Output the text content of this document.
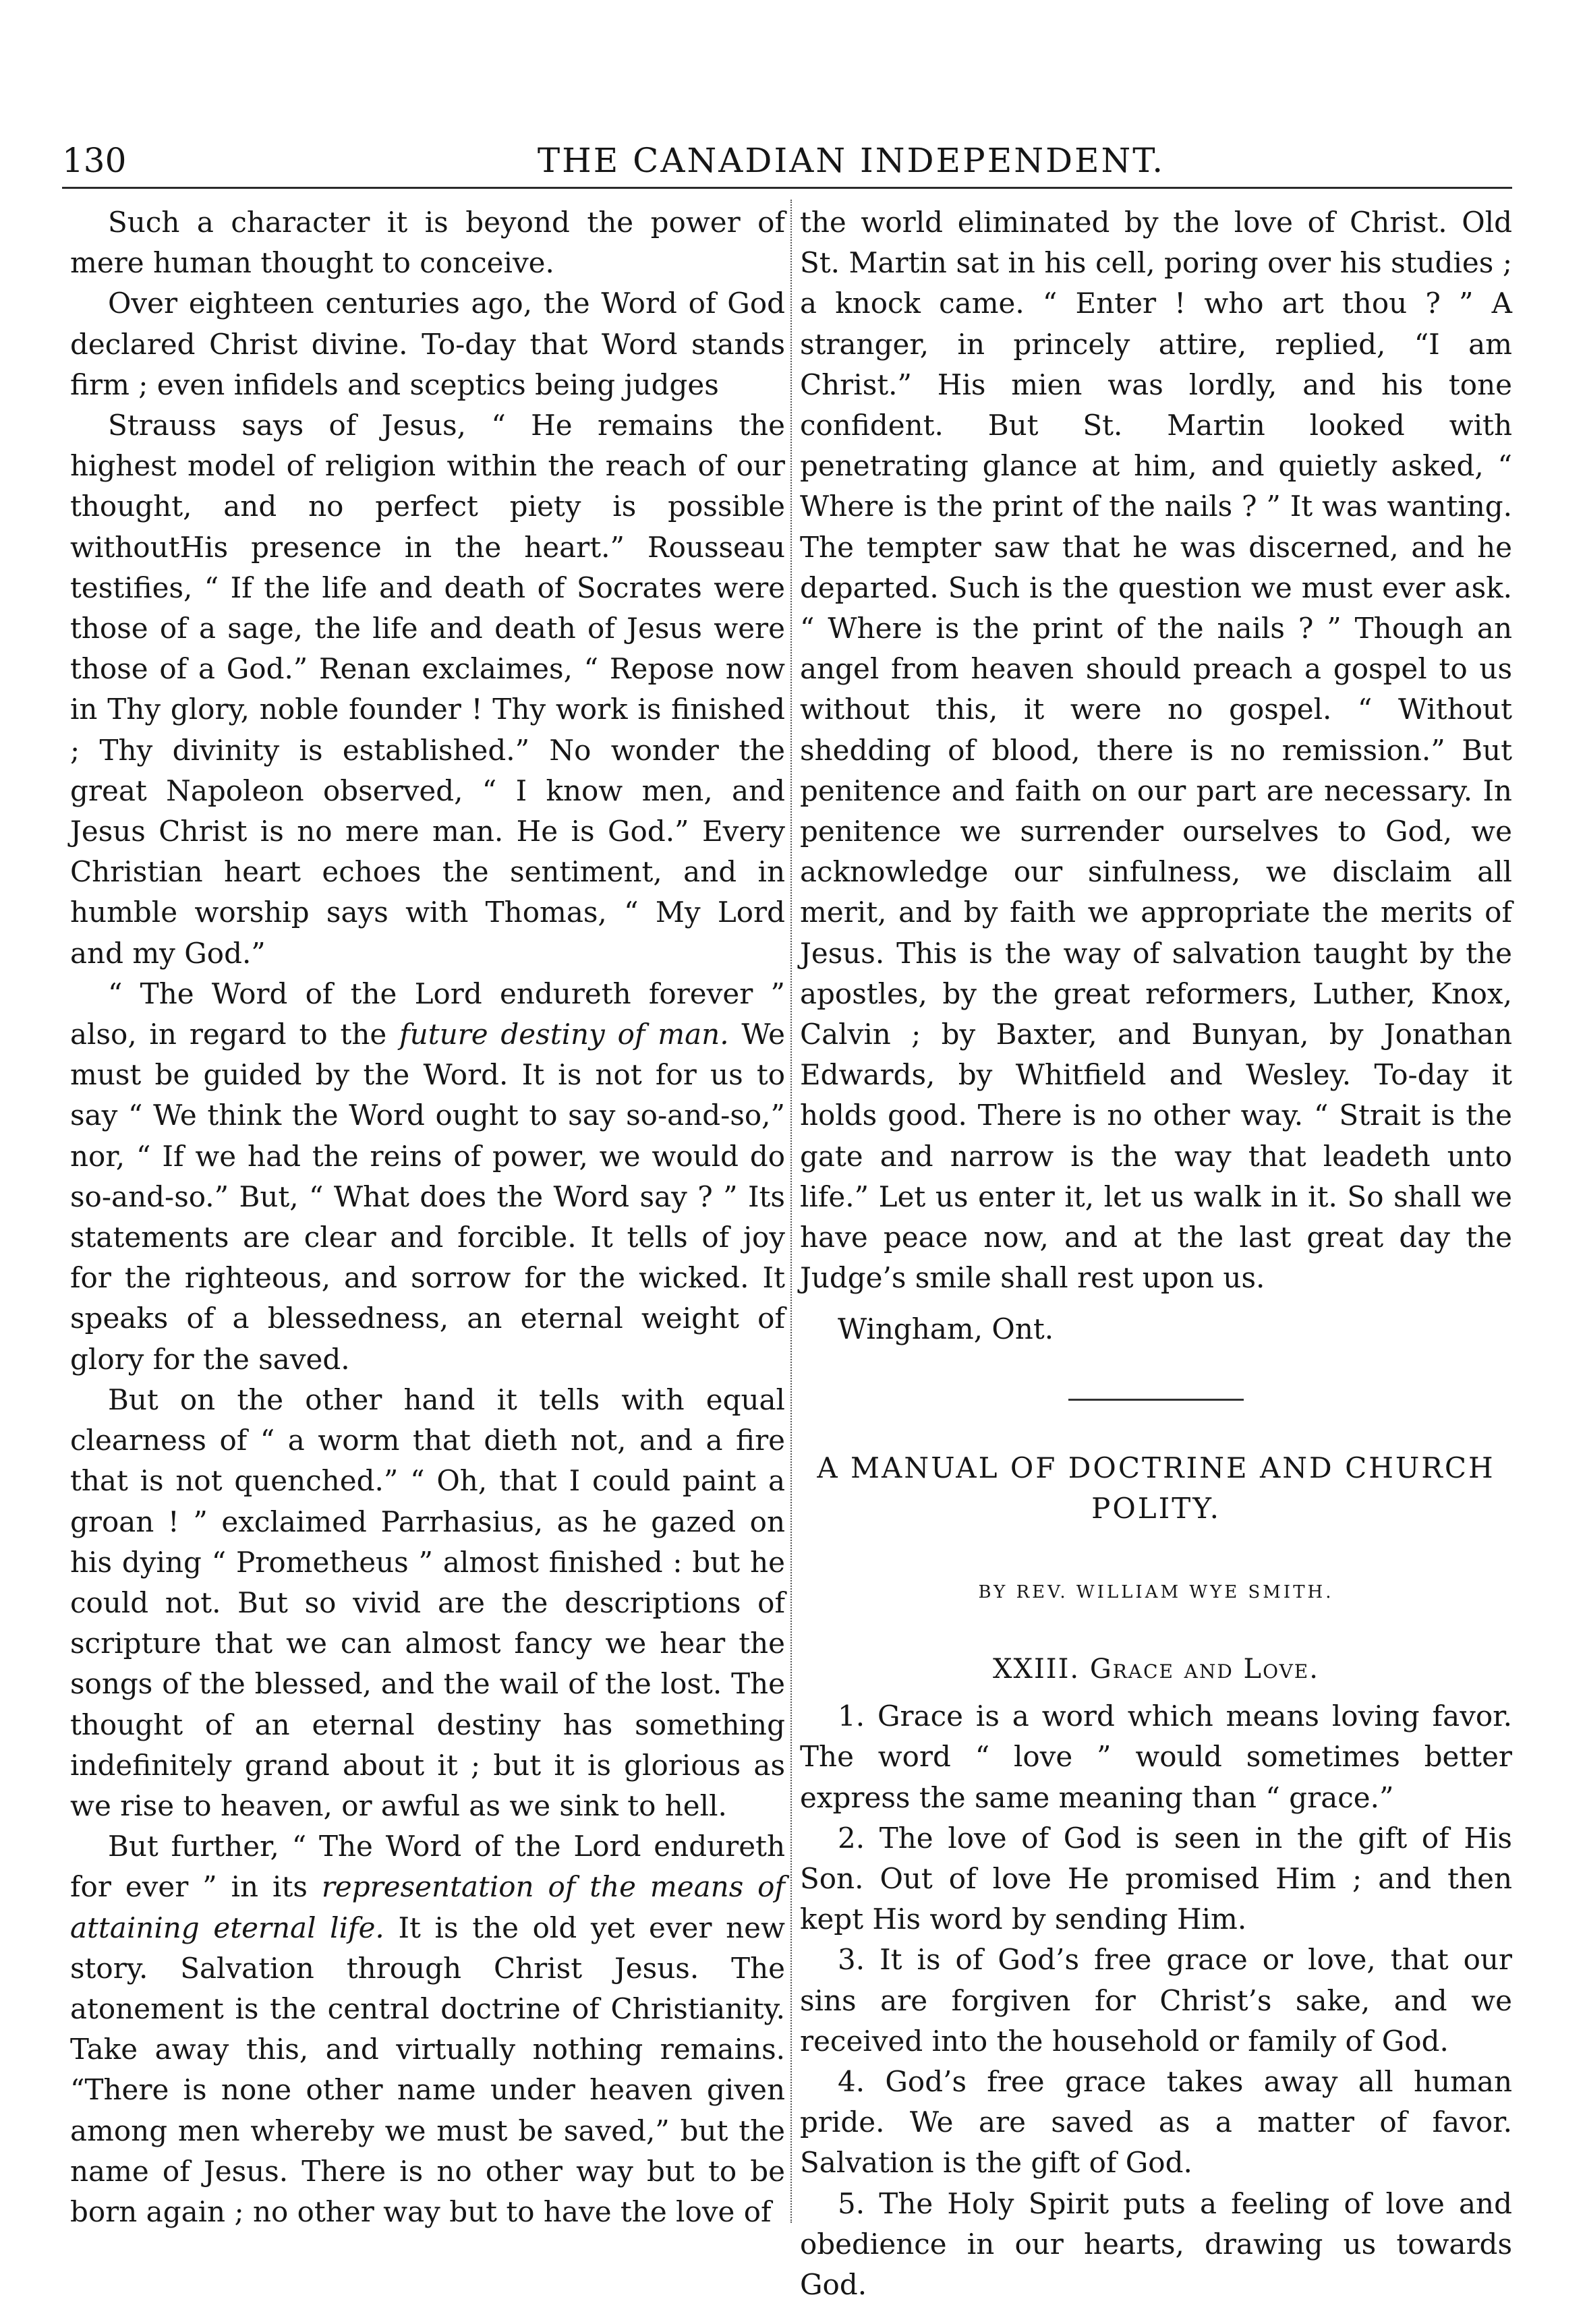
130	THE CANADIAN INDEPENDENT.

Such a character it is beyond the power of mere human thought to conceive.

Over eighteen centuries ago, the Word of God declared Christ divine. To-day that Word stands firm ; even infidels and sceptics being judges

Strauss says of Jesus, “ He remains the highest model of religion within the reach of our thought, and no perfect piety is possible withoutHis presence in the heart.” Rousseau testifies, “ If the life and death of Socrates were those of a sage, the life and death of Jesus were those of a God.” Renan exclaimes, “ Repose now in Thy glory, noble founder ! Thy work is finished ; Thy divinity is established.” No wonder the great Napoleon observed, “ I know men, and Jesus Christ is no mere man. He is God.” Every Christian heart echoes the sentiment, and in humble worship says with Thomas, “ My Lord and my God.”

“ The Word of the Lord endureth forever ” also, in regard to the future destiny of man. We must be guided by the Word. It is not for us to say “ We think the Word ought to say so-and-so,” nor, “ If we had the reins of power, we would do so-and-so.” But, “ What does the Word say ? ” Its statements are clear and forcible. It tells of joy for the righteous, and sorrow for the wicked. It speaks of a blessedness, an eternal weight of glory for the saved.

But on the other hand it tells with equal clearness of “ a worm that dieth not, and a fire that is not quenched.” “ Oh, that I could paint a groan ! ” exclaimed Parrhasius, as he gazed on his dying “ Prometheus ” almost finished : but he could not. But so vivid are the descriptions of scripture that we can almost fancy we hear the songs of the blessed, and the wail of the lost. The thought of an eternal destiny has something indefinitely grand about it ; but it is glorious as we rise to heaven, or awful as we sink to hell.

But further, “ The Word of the Lord endureth for ever ” in its representation of the means of attaining eternal life. It is the old yet ever new story. Salvation through Christ Jesus. The atonement is the central doctrine of Christianity. Take away this, and virtually nothing remains. “There is none other name under heaven given among men whereby we must be saved,” but the name of Jesus. There is no other way but to be born again ; no other way but to have the love of

the world eliminated by the love of Christ. Old St. Martin sat in his cell, poring over his studies ; a knock came. “ Enter ! who art thou ? ” A stranger, in princely attire, replied, “I am Christ.” His mien was lordly, and his tone confident. But St. Martin looked with penetrating glance at him, and quietly asked, “ Where is the print of the nails ? ” It was wanting. The tempter saw that he was discerned, and he departed. Such is the question we must ever ask. “ Where is the print of the nails ? ” Though an angel from heaven should preach a gospel to us without this, it were no gospel. “ Without shedding of blood, there is no remission.” But penitence and faith on our part are necessary. In penitence we surrender ourselves to God, we acknowledge our sinfulness, we disclaim all merit, and by faith we appropriate the merits of Jesus. This is the way of salvation taught by the apostles, by the great reformers, Luther, Knox, Calvin ; by Baxter, and Bunyan, by Jonathan Edwards, by Whitfield and Wesley. To-day it holds good. There is no other way. “ Strait is the gate and narrow is the way that leadeth unto life.” Let us enter it, let us walk in it. So shall we have peace now, and at the last great day the Judge’s smile shall rest upon us.

Wingham, Ont.

A MANUAL OF DOCTRINE AND CHURCH POLITY.

BY REV. WILLIAM WYE SMITH.

XXIII. Grace and Love.

1. Grace is a word which means loving favor. The word “ love ” would sometimes better express the same meaning than “ grace.”

2. The love of God is seen in the gift of His Son. Out of love He promised Him ; and then kept His word by sending Him.

3. It is of God’s free grace or love, that our sins are forgiven for Christ’s sake, and we received into the household or family of God.

4. God’s free grace takes away all human pride. We are saved as a matter of favor. Salvation is the gift of God.

5. The Holy Spirit puts a feeling of love and obedience in our hearts, drawing us towards God.
